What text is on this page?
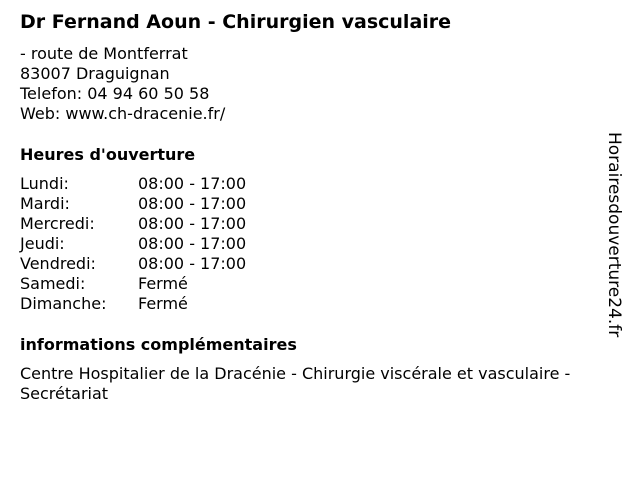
Dr Fernand Aoun - Chirurgien vasculaire
- route de Montferrat
83007 Draguignan
Telefon: 04 94 60 50 58
Web: www.ch-dracenie.fr/
Heures d'ouverture
Lundi:	08:00 - 17:00
Mardi:	08:00 - 17:00
Mercredi:	08:00 - 17:00
Jeudi:	08:00 - 17:00
Vendredi:	08:00 - 17:00
Samedi:	Fermé
Dimanche:	Fermé
informations complémentaires
Centre Hospitalier de la Dracénie - Chirurgie viscérale et vasculaire - Secrétariat
Horairesdouverture24.fr
